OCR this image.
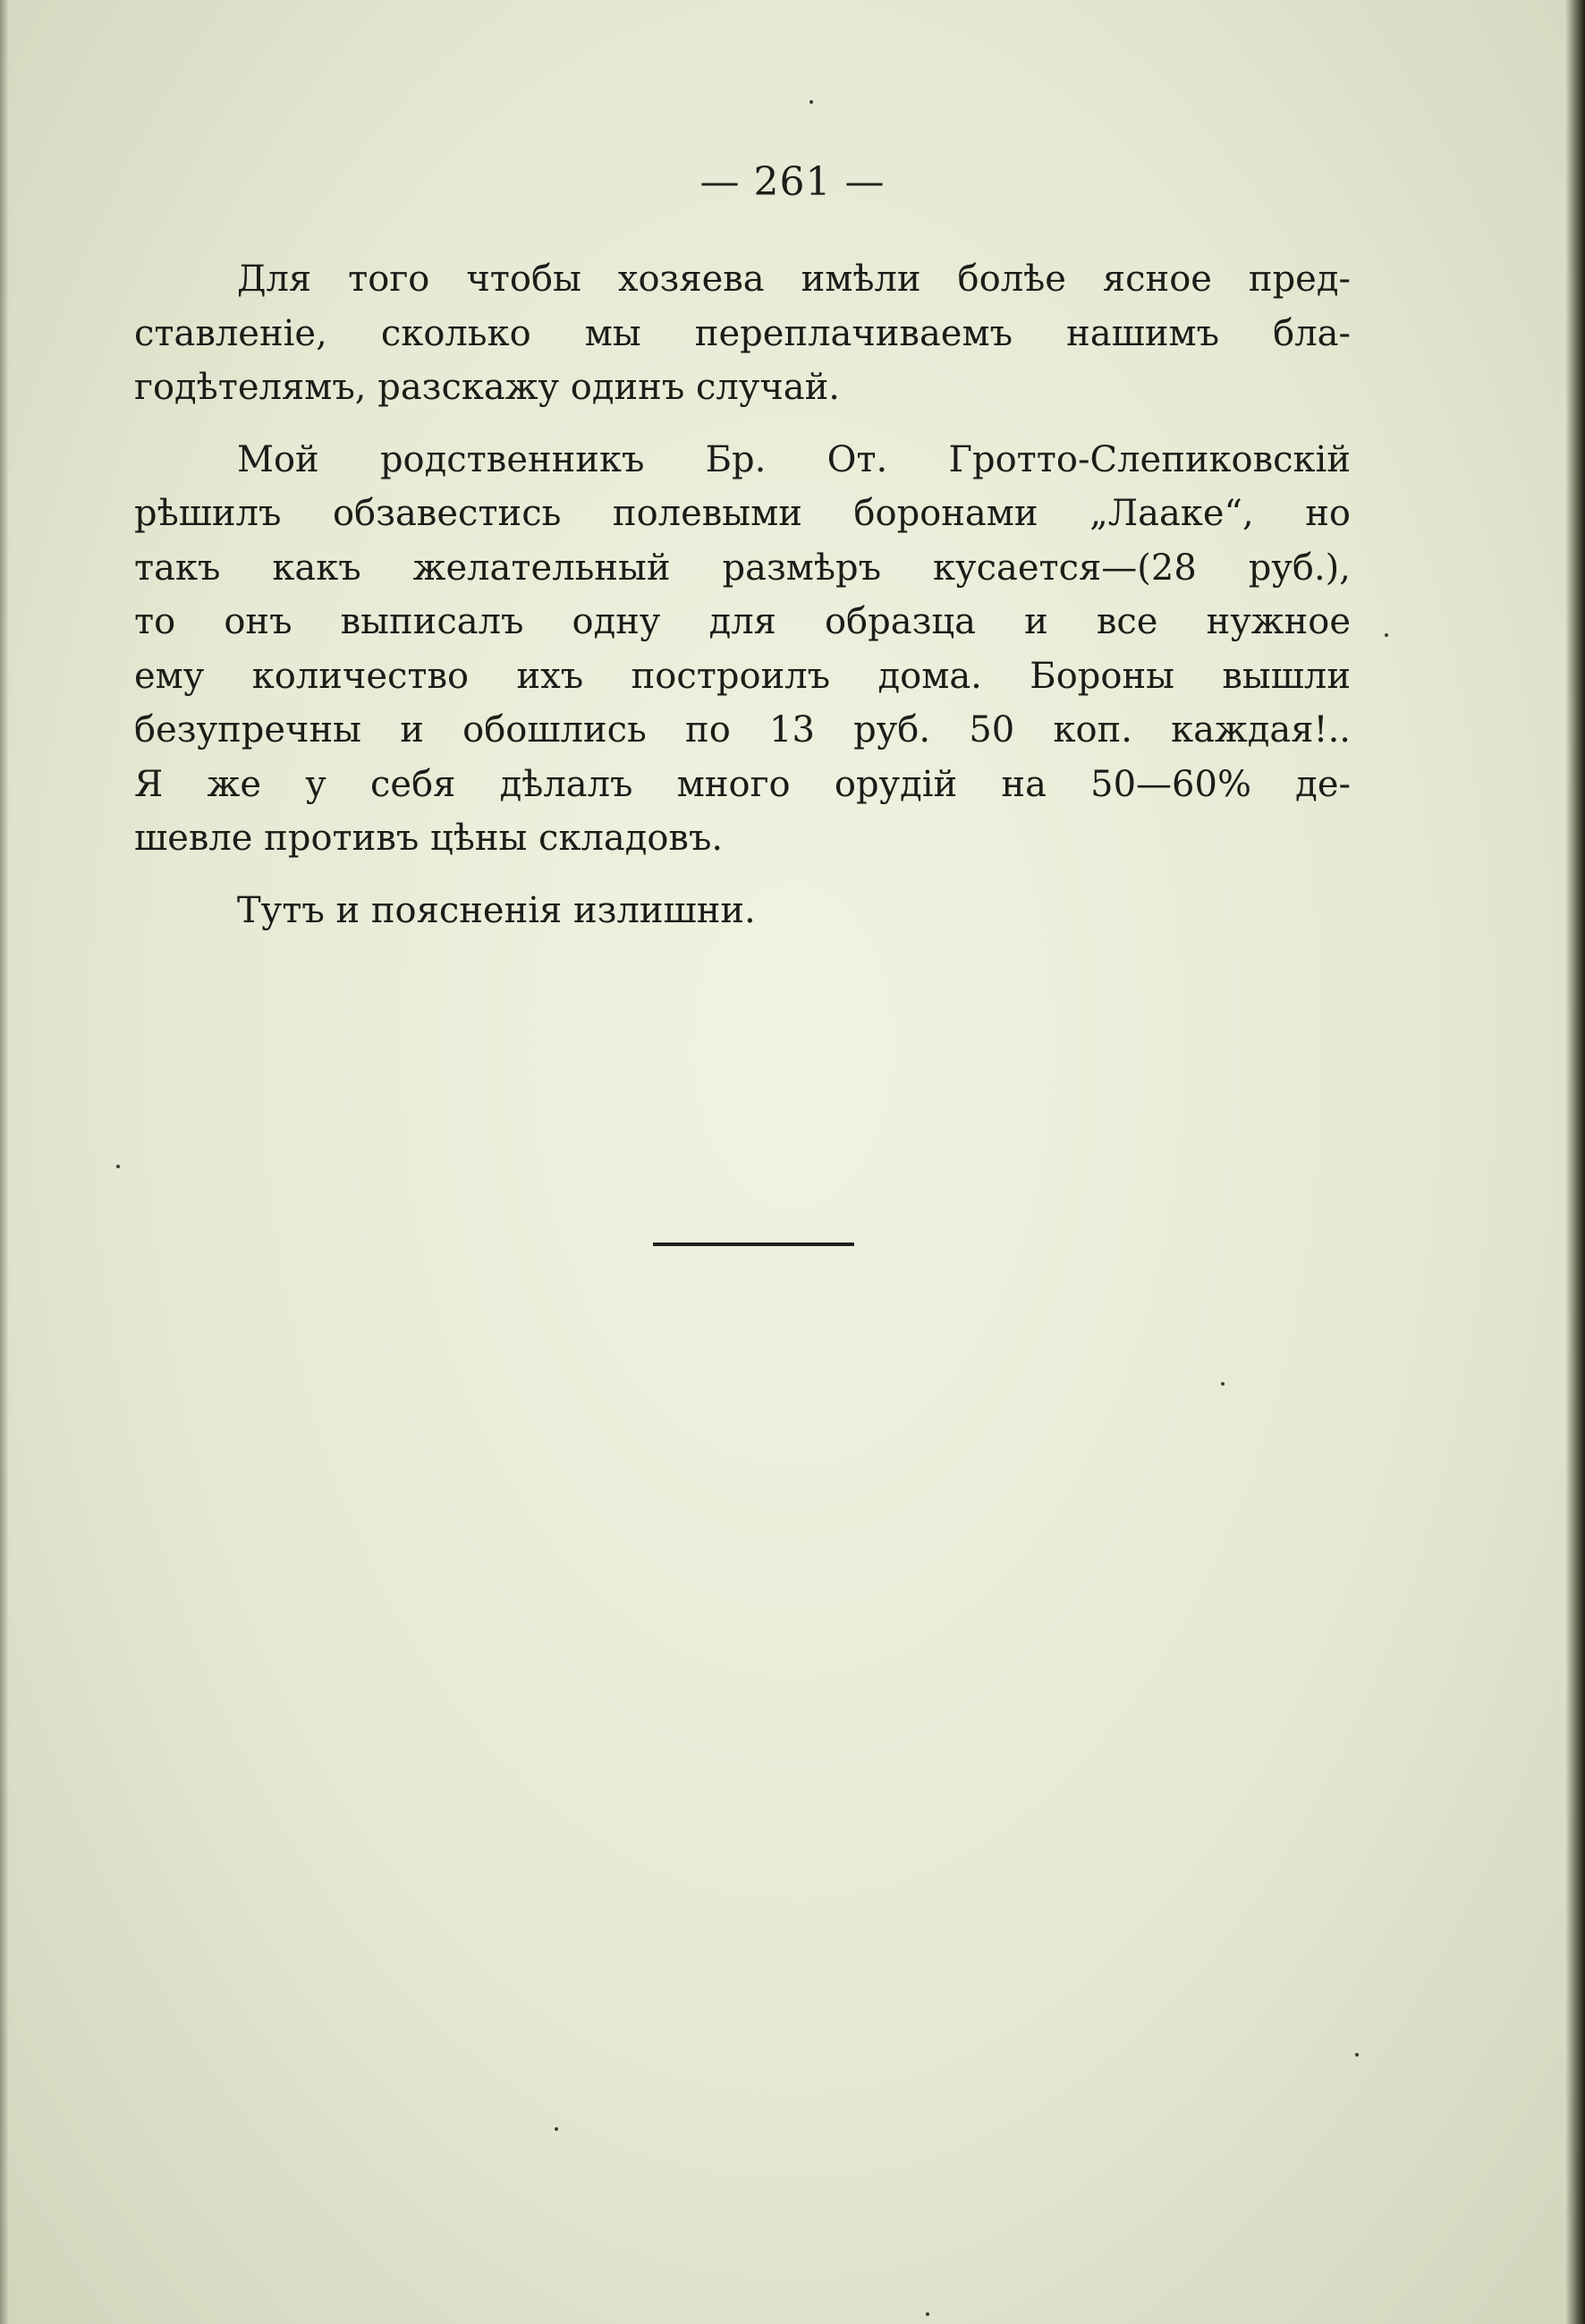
— 261 —
Для того чтобы хозяева имѣли болѣе ясное пред-
ставленіе, сколько мы переплачиваемъ нашимъ бла-
годѣтелямъ, разскажу одинъ случай.
Мой родственникъ Бр. От. Гротто-Слепиковскій
рѣшилъ обзавестись полевыми боронами „Лааке“, но
такъ какъ желательный размѣръ кусается—(28 руб.),
то онъ выписалъ одну для образца и все нужное
ему количество ихъ построилъ дома. Бороны вышли
безупречны и обошлись по 13 руб. 50 коп. каждая!..
Я же у себя дѣлалъ много орудій на 50—60% де-
шевле противъ цѣны складовъ.
Тутъ и поясненія излишни.
